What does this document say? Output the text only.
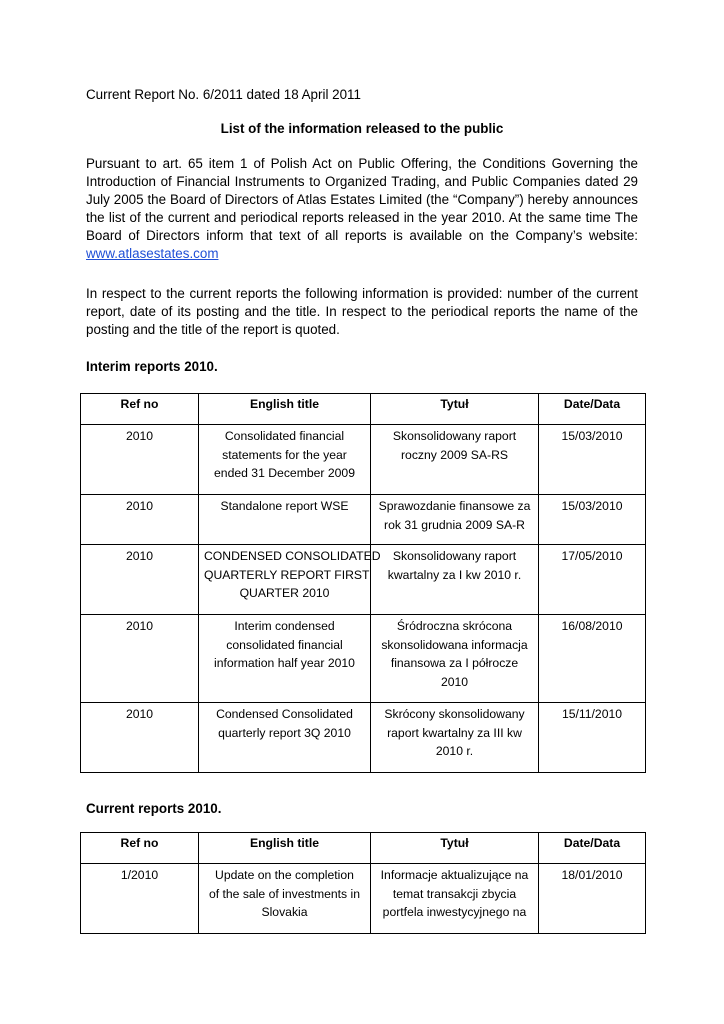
Current Report No. 6/2011 dated 18 April 2011
List of the information released to the public
Pursuant to art. 65 item 1 of Polish Act on Public Offering, the Conditions Governing the
Introduction of Financial Instruments to Organized Trading, and Public Companies dated 29
July 2005 the Board of Directors of Atlas Estates Limited (the “Company”) hereby announces
the list of the current and periodical reports released in the year 2010. At the same time The
Board of Directors inform that text of all reports is available on the Company’s website:
www.atlasestates.com
In respect to the current reports the following information is provided: number of the current
report, date of its posting and the title. In respect to the periodical reports the name of the
posting and the title of the report is quoted.
Interim reports 2010.
Ref no	English title	Tytuł	Date/Data
2010	Consolidated financial
statements for the year
ended 31 December 2009	Skonsolidowany raport
roczny 2009 SA-RS	15/03/2010
2010	Standalone report WSE	Sprawozdanie finansowe za
rok 31 grudnia 2009 SA-R	15/03/2010
2010	CONDENSED CONSOLIDATED
QUARTERLY REPORT FIRST
QUARTER 2010	Skonsolidowany raport
kwartalny za I kw 2010 r.	17/05/2010
2010	Interim condensed
consolidated financial
information half year 2010	Śródroczna skrócona
skonsolidowana informacja
finansowa za I półrocze
2010	16/08/2010
2010	Condensed Consolidated
quarterly report 3Q 2010	Skrócony skonsolidowany
raport kwartalny za III kw
2010 r.	15/11/2010
Current reports 2010.
Ref no	English title	Tytuł	Date/Data
1/2010	Update on the completion
of the sale of investments in
Slovakia	Informacje aktualizujące na
temat transakcji zbycia
portfela inwestycyjnego na	18/01/2010
